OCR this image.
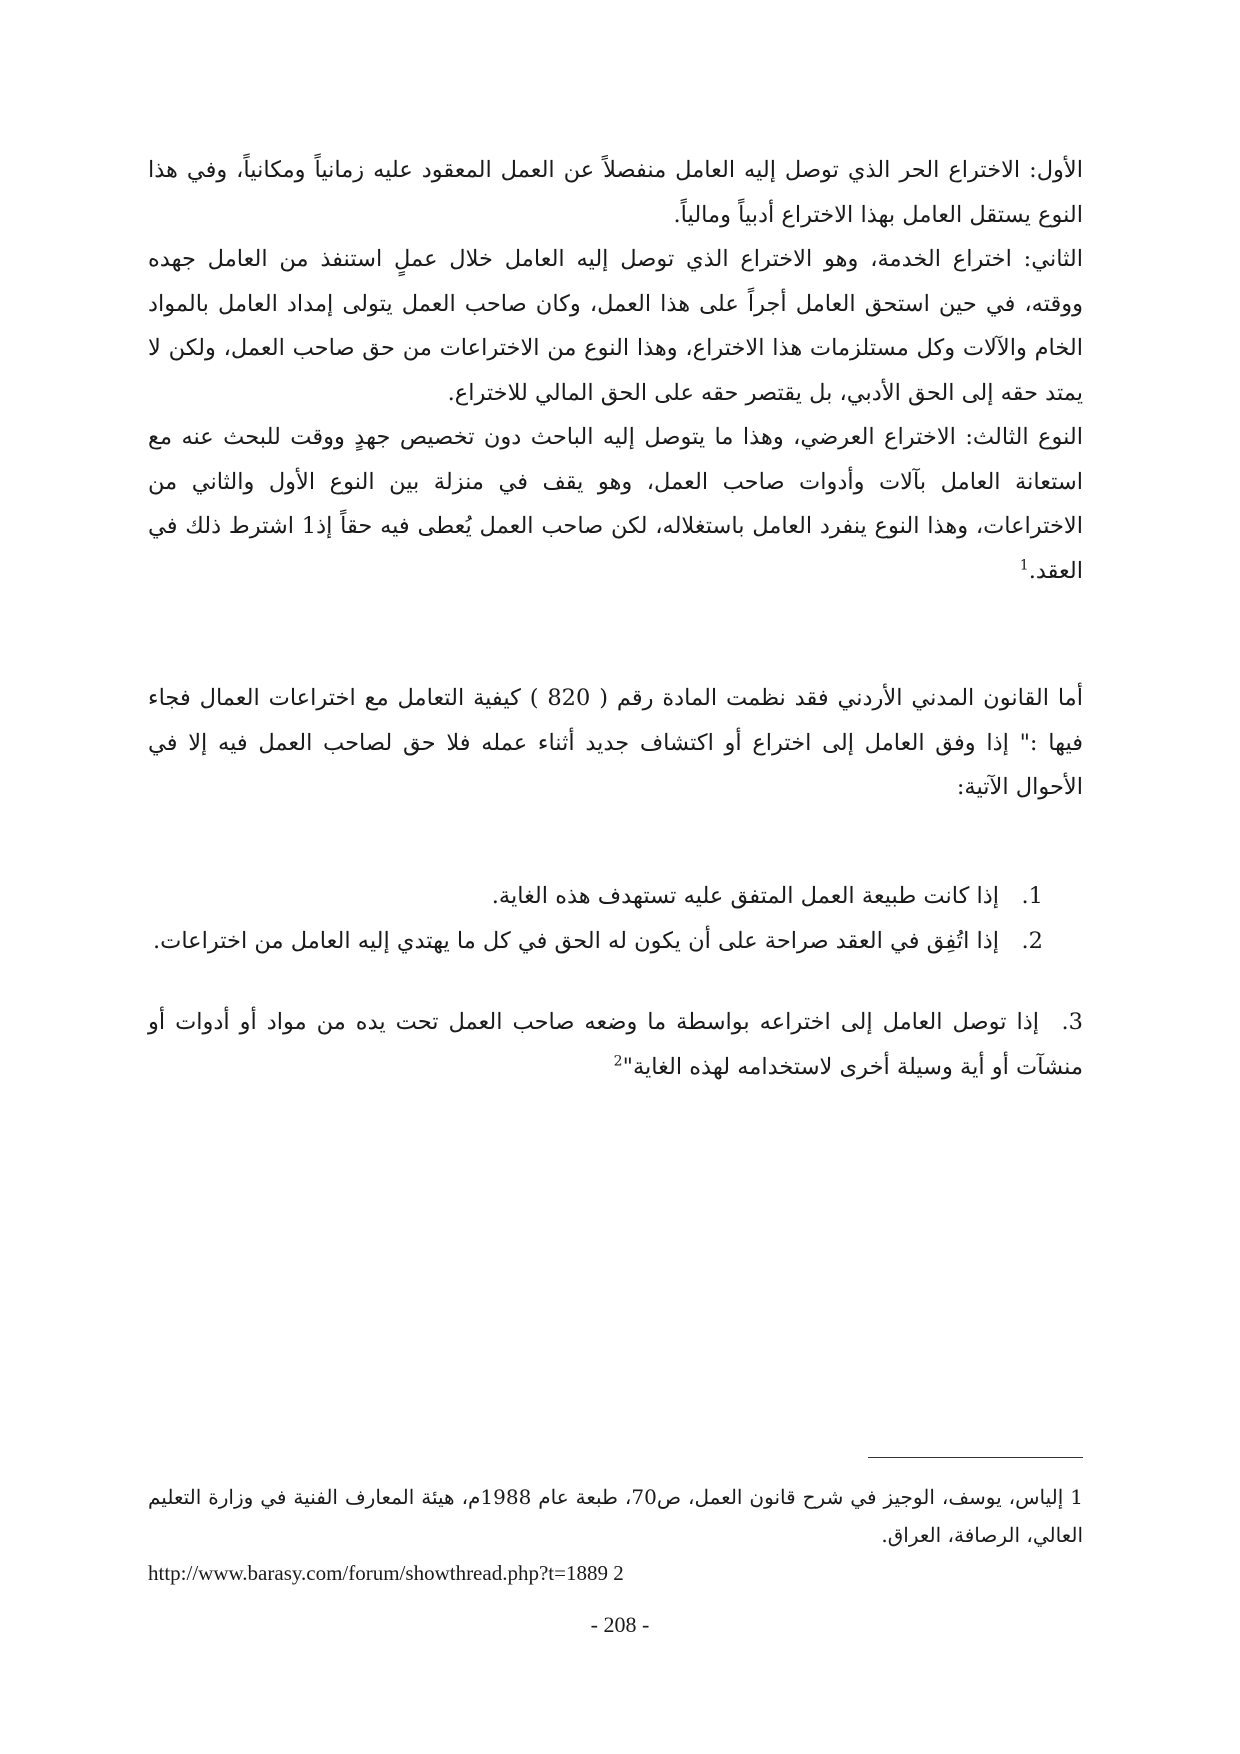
الأول: الاختراع الحر الذي توصل إليه العامل منفصلاً عن العمل المعقود عليه زمانياً ومكانياً، وفي هذا النوع يستقل العامل بهذا الاختراع أدبياً ومالياً.

الثاني: اختراع الخدمة، وهو الاختراع الذي توصل إليه العامل خلال عملٍ استنفذ من العامل جهده ووقته، في حين استحق العامل أجراً على هذا العمل، وكان صاحب العمل يتولى إمداد العامل بالمواد الخام والآلات وكل مستلزمات هذا الاختراع، وهذا النوع من الاختراعات من حق صاحب العمل، ولكن لا يمتد حقه إلى الحق الأدبي، بل يقتصر حقه على الحق المالي للاختراع.

النوع الثالث: الاختراع العرضي، وهذا ما يتوصل إليه الباحث دون تخصيص جهدٍ ووقت للبحث عنه مع استعانة العامل بآلات وأدوات صاحب العمل، وهو يقف في منزلة بين النوع الأول والثاني من الاختراعات، وهذا النوع ينفرد العامل باستغلاله، لكن صاحب العمل يُعطى فيه حقاً إذ1 اشترط ذلك في العقد.$^1$

أما القانون المدني الأردني فقد نظمت المادة رقم ( 820 ) كيفية التعامل مع اختراعات العمال فجاء فيها :" إذا وفق العامل إلى اختراع أو اكتشاف جديد أثناء عمله فلا حق لصاحب العمل فيه إلا في الأحوال الآتية:

1.إذا كانت طبيعة العمل المتفق عليه تستهدف هذه الغاية.

2.إذا اتُفِق في العقد صراحة على أن يكون له الحق في كل ما يهتدي إليه العامل من اختراعات.

3.إذا توصل العامل إلى اختراعه بواسطة ما وضعه صاحب العمل تحت يده من مواد أو أدوات أو منشآت أو أية وسيلة أخرى لاستخدامه لهذه الغاية"$^2$

1 إلياس، يوسف، الوجيز في شرح قانون العمل، ص70، طبعة عام 1988م، هيئة المعارف الفنية في وزارة التعليم العالي، الرصافة، العراق.

http://www.barasy.com/forum/showthread.php?t=1889 2

- 208 -
